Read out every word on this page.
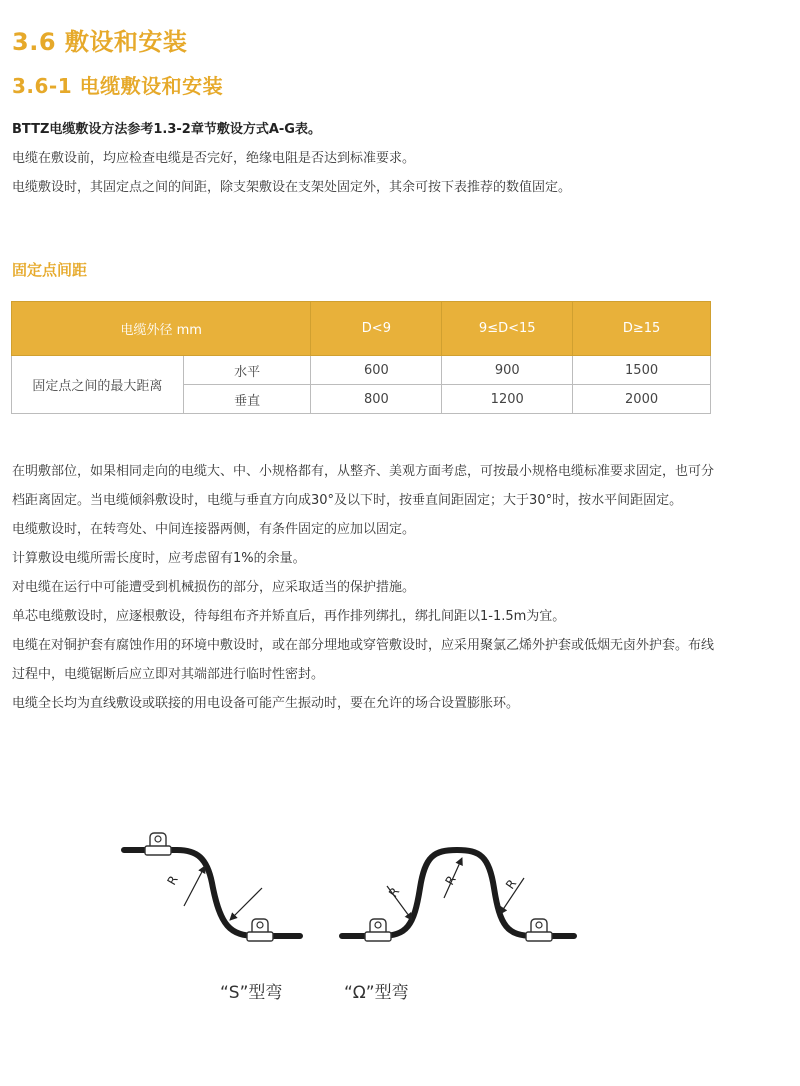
3.6 敷设和安装
3.6-1 电缆敷设和安装
BTTZ电缆敷设方法参考1.3-2章节敷设方式A-G表。
电缆在敷设前，均应检查电缆是否完好，绝缘电阻是否达到标准要求。
电缆敷设时，其固定点之间的间距，除支架敷设在支架处固定外，其余可按下表推荐的数值固定。
固定点间距
电缆外径 mm		D<9	9≤D<15	D≥15
固定点之间的最大距离	水平	600	900	1500
	垂直	800	1200	2000
在明敷部位，如果相同走向的电缆大、中、小规格都有，从整齐、美观方面考虑，可按最小规格电缆标准要求固定，也可分
档距离固定。当电缆倾斜敷设时，电缆与垂直方向成30°及以下时，按垂直间距固定；大于30°时，按水平间距固定。
电缆敷设时，在转弯处、中间连接器两侧，有条件固定的应加以固定。
计算敷设电缆所需长度时，应考虑留有1%的余量。
对电缆在运行中可能遭受到机械损伤的部分，应采取适当的保护措施。
单芯电缆敷设时，应逐根敷设，待每组布齐并矫直后，再作排列绑扎，绑扎间距以1-1.5m为宜。
电缆在对铜护套有腐蚀作用的环境中敷设时，或在部分埋地或穿管敷设时，应采用聚氯乙烯外护套或低烟无卤外护套。布线
过程中，电缆锯断后应立即对其端部进行临时性密封。
电缆全长均为直线敷设或联接的用电设备可能产生振动时，要在允许的场合设置膨胀环。
R
R
R	R
“S”型弯	“Ω”型弯
